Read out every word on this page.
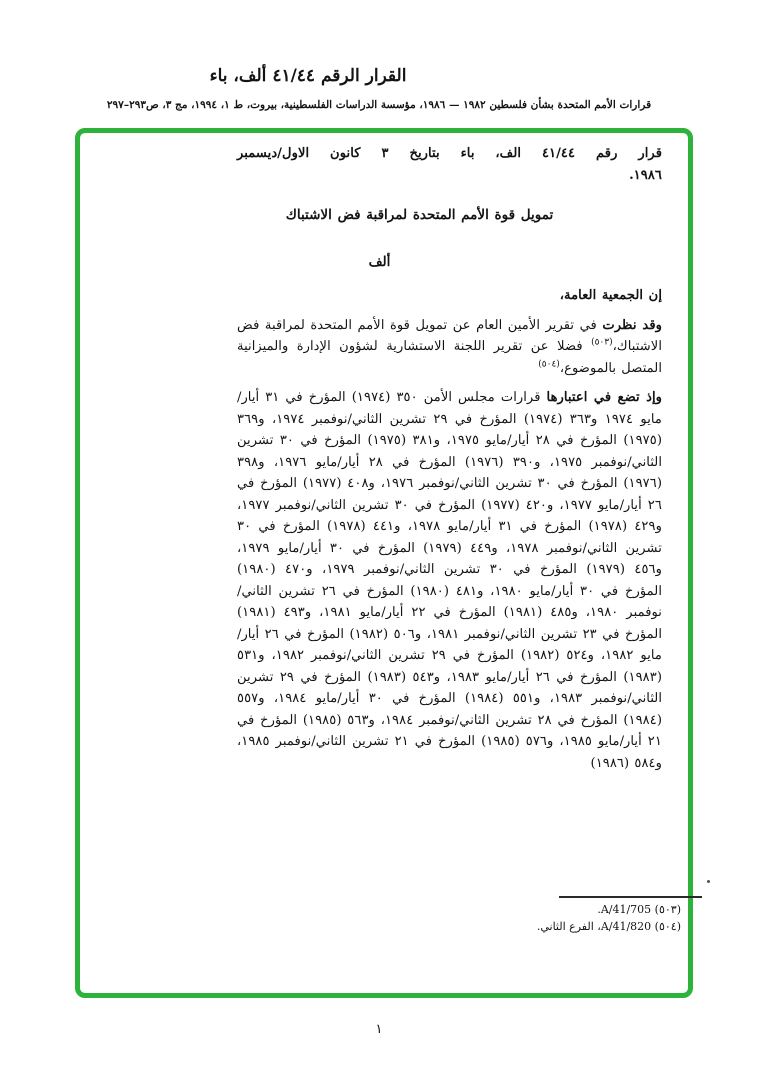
القرار الرقم ٤١/٤٤ ألف، باء
قرارات الأمم المتحدة بشأن فلسطين ١٩٨٢ — ١٩٨٦، مؤسسة الدراسات الفلسطينية، بيروت، ط ١، ١٩٩٤، مج ٣، ص٢٩٣–٢٩٧
قرار رقم ٤١/٤٤ الف، باء بتاريخ ٣ كانون الاول/ديسمبر
١٩٨٦.
تمويل قوة الأمم المتحدة لمراقبة فض الاشتباك
ألف

إن الجمعية العامة،

وقد نظرت في تقرير الأمين العام عن تمويل قوة الأمم المتحدة لمراقبة فض الاشتباك،$^{(٥٠٣)}$ فضلا عن تقرير اللجنة الاستشارية لشؤون الإدارة والميزانية المتصل بالموضوع،$^{(٥٠٤)}$

وإذ تضع في اعتبارها قرارات مجلس الأمن ٣٥٠ (١٩٧٤) المؤرخ في ٣١ أيار/مايو ١٩٧٤ و٣٦٣ (١٩٧٤) المؤرخ في ٢٩ تشرين الثاني/نوفمبر ١٩٧٤، و٣٦٩ (١٩٧٥) المؤرخ في ٢٨ أيار/مايو ١٩٧٥، و٣٨١ (١٩٧٥) المؤرخ في ٣٠ تشرين الثاني/نوفمبر ١٩٧٥، و٣٩٠ (١٩٧٦) المؤرخ في ٢٨ أيار/مايو ١٩٧٦، و٣٩٨ (١٩٧٦) المؤرخ في ٣٠ تشرين الثاني/نوفمبر ١٩٧٦، و٤٠٨ (١٩٧٧) المؤرخ في ٢٦ أيار/مايو ١٩٧٧، و٤٢٠ (١٩٧٧) المؤرخ في ٣٠ تشرين الثاني/نوفمبر ١٩٧٧، و٤٢٩ (١٩٧٨) المؤرخ في ٣١ أيار/مايو ١٩٧٨، و٤٤١ (١٩٧٨) المؤرخ في ٣٠ تشرين الثاني/نوفمبر ١٩٧٨، و٤٤٩ (١٩٧٩) المؤرخ في ٣٠ أيار/مايو ١٩٧٩، و٤٥٦ (١٩٧٩) المؤرخ في ٣٠ تشرين الثاني/نوفمبر ١٩٧٩، و٤٧٠ (١٩٨٠) المؤرخ في ٣٠ أيار/مايو ١٩٨٠، و٤٨١ (١٩٨٠) المؤرخ في ٢٦ تشرين الثاني/نوفمبر ١٩٨٠، و٤٨٥ (١٩٨١) المؤرخ في ٢٢ أيار/مايو ١٩٨١، و٤٩٣ (١٩٨١) المؤرخ في ٢٣ تشرين الثاني/نوفمبر ١٩٨١، و٥٠٦ (١٩٨٢) المؤرخ في ٢٦ أيار/مايو ١٩٨٢، و٥٢٤ (١٩٨٢) المؤرخ في ٢٩ تشرين الثاني/نوفمبر ١٩٨٢، و٥٣١ (١٩٨٣) المؤرخ في ٢٦ أيار/مايو ١٩٨٣، و٥٤٣ (١٩٨٣) المؤرخ في ٢٩ تشرين الثاني/نوفمبر ١٩٨٣، و٥٥١ (١٩٨٤) المؤرخ في ٣٠ أيار/مايو ١٩٨٤، و٥٥٧ (١٩٨٤) المؤرخ في ٢٨ تشرين الثاني/نوفمبر ١٩٨٤، و٥٦٣ (١٩٨٥) المؤرخ في ٢١ أيار/مايو ١٩٨٥، و٥٧٦ (١٩٨٥) المؤرخ في ٢١ تشرين الثاني/نوفمبر ١٩٨٥، و٥٨٤ (١٩٨٦)

(٥٠٣) A/41/705.
(٥٠٤) A/41/820، الفرع الثاني.
١
